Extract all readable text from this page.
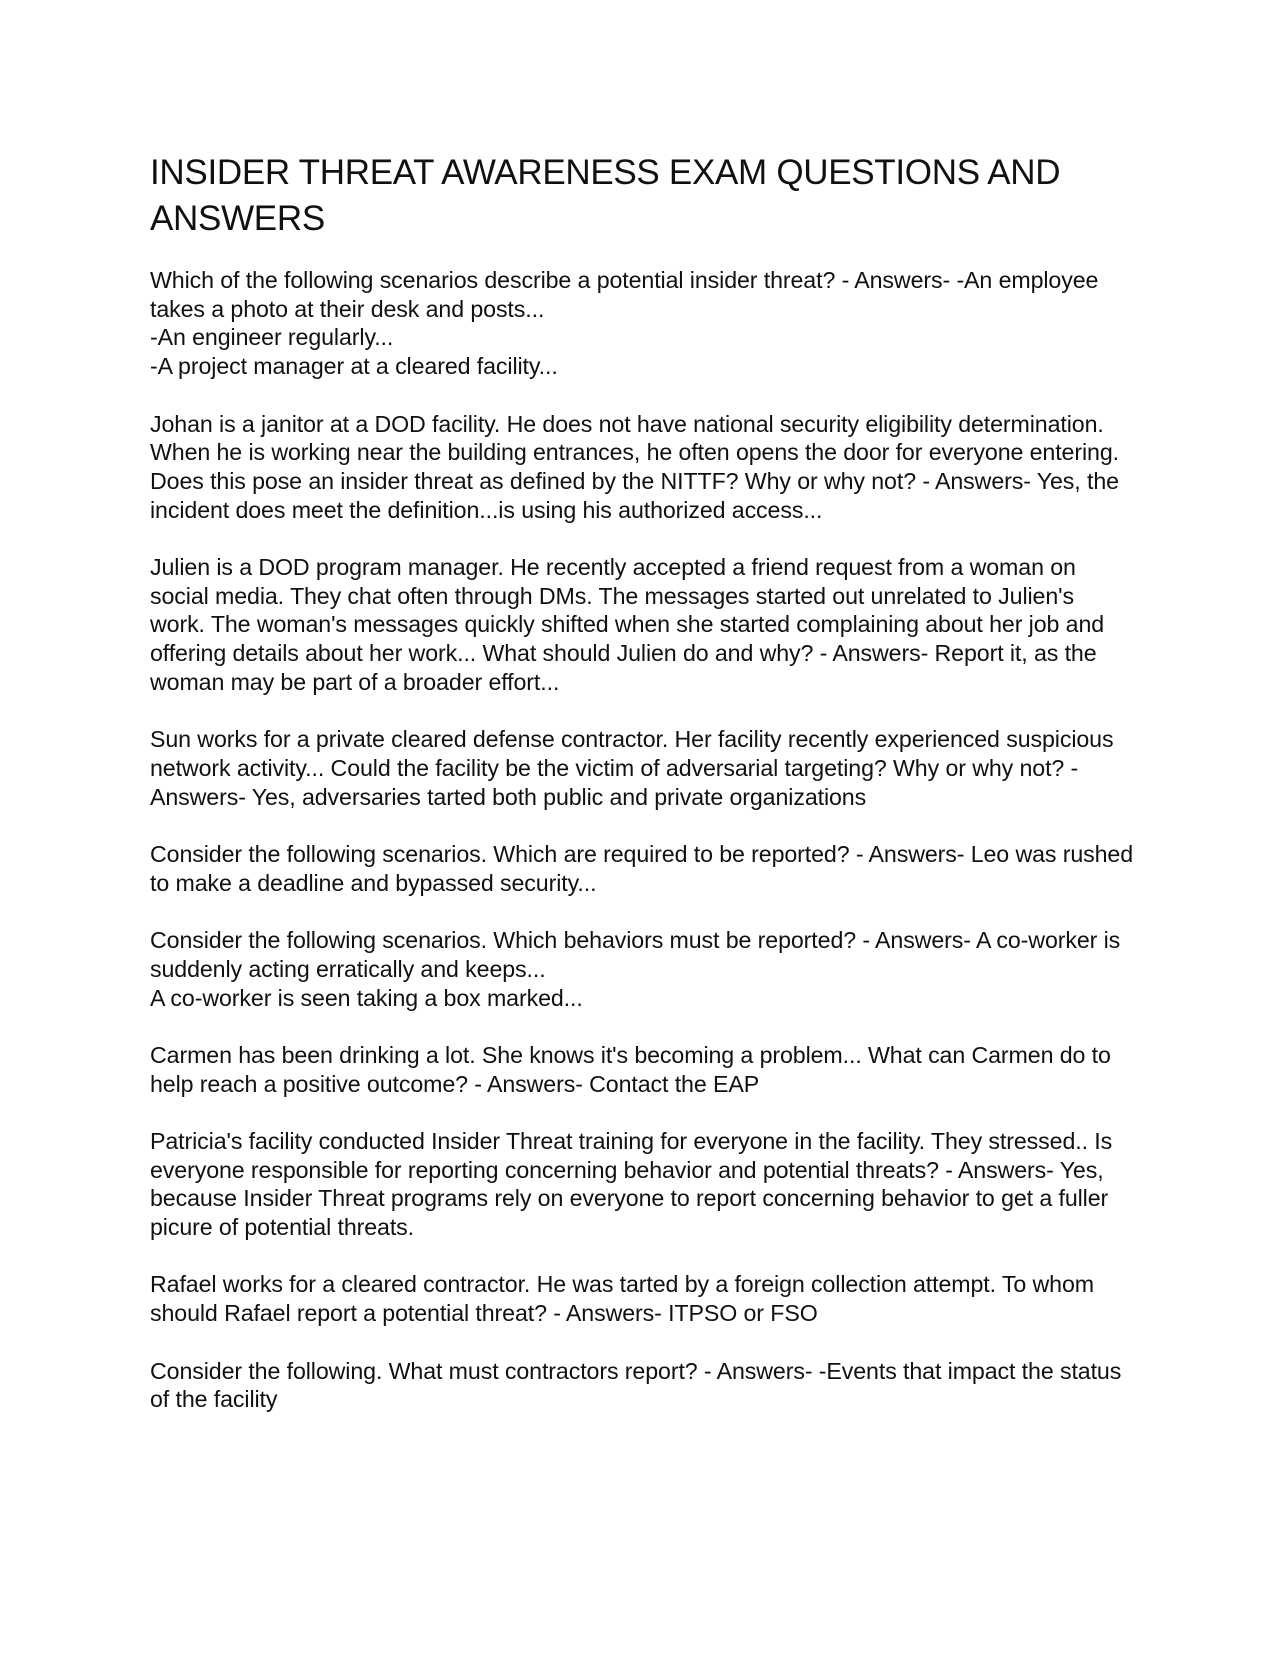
INSIDER THREAT AWARENESS EXAM QUESTIONS AND ANSWERS
Which of the following scenarios describe a potential insider threat? - Answers- -An employee takes a photo at their desk and posts...
-An engineer regularly...
-A project manager at a cleared facility...
Johan is a janitor at a DOD facility. He does not have national security eligibility determination. When he is working near the building entrances, he often opens the door for everyone entering. Does this pose an insider threat as defined by the NITTF? Why or why not? - Answers- Yes, the incident does meet the definition...is using his authorized access...
Julien is a DOD program manager. He recently accepted a friend request from a woman on social media. They chat often through DMs. The messages started out unrelated to Julien's work. The woman's messages quickly shifted when she started complaining about her job and offering details about her work... What should Julien do and why? - Answers- Report it, as the woman may be part of a broader effort...
Sun works for a private cleared defense contractor. Her facility recently experienced suspicious network activity... Could the facility be the victim of adversarial targeting? Why or why not? - Answers- Yes, adversaries tarted both public and private organizations
Consider the following scenarios. Which are required to be reported? - Answers- Leo was rushed to make a deadline and bypassed security...
Consider the following scenarios. Which behaviors must be reported? - Answers- A co-worker is suddenly acting erratically and keeps...
A co-worker is seen taking a box marked...
Carmen has been drinking a lot. She knows it's becoming a problem... What can Carmen do to help reach a positive outcome? - Answers- Contact the EAP
Patricia's facility conducted Insider Threat training for everyone in the facility. They stressed.. Is everyone responsible for reporting concerning behavior and potential threats? - Answers- Yes, because Insider Threat programs rely on everyone to report concerning behavior to get a fuller picure of potential threats.
Rafael works for a cleared contractor. He was tarted by a foreign collection attempt. To whom should Rafael report a potential threat? - Answers- ITPSO or FSO
Consider the following. What must contractors report? - Answers- -Events that impact the status of the facility
